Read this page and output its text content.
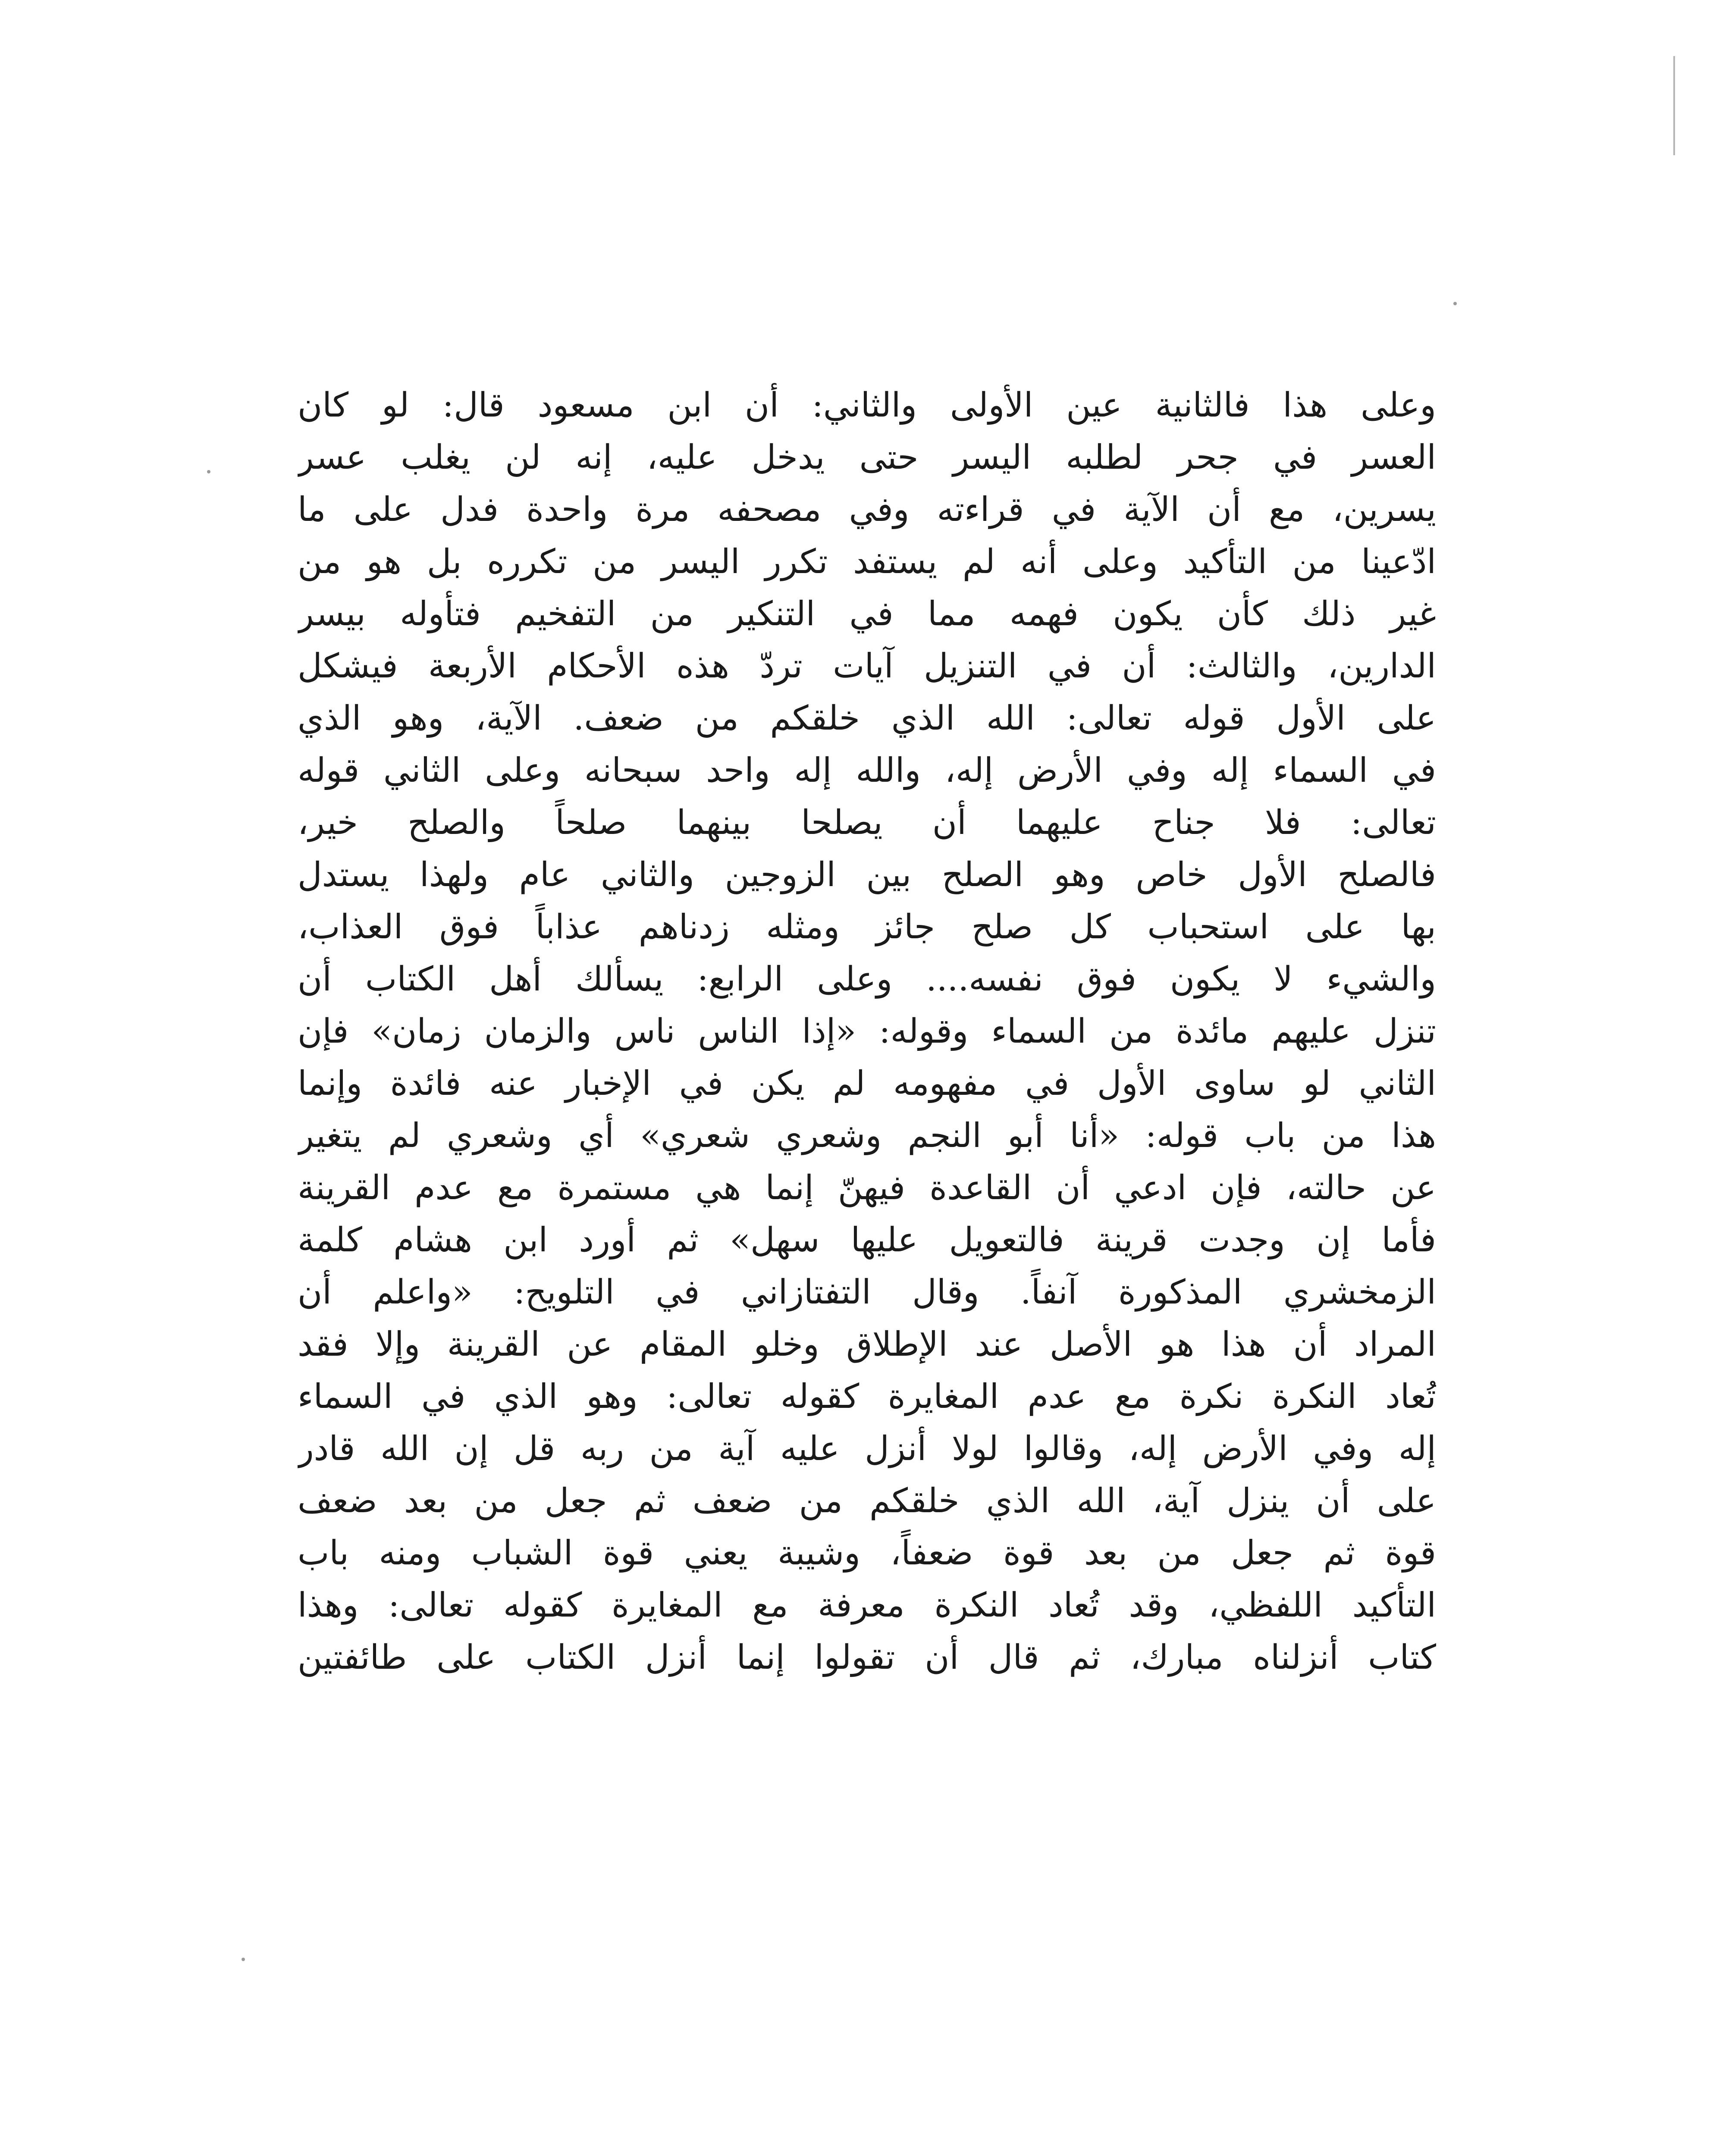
وعلى هذا فالثانية عين الأولى والثاني: أن ابن مسعود قال: لو كان
العسر في جحر لطلبه اليسر حتى يدخل عليه، إنه لن يغلب عسر
يسرين، مع أن الآية في قراءته وفي مصحفه مرة واحدة فدل على ما
ادّعينا من التأكيد وعلى أنه لم يستفد تكرر اليسر من تكرره بل هو من
غير ذلك كأن يكون فهمه مما في التنكير من التفخيم فتأوله بيسر
الدارين، والثالث: أن في التنزيل آيات تردّ هذه الأحكام الأربعة فيشكل
على الأول قوله تعالى: الله الذي خلقكم من ضعف. الآية، وهو الذي
في السماء إله وفي الأرض إله، والله إله واحد سبحانه وعلى الثاني قوله
تعالى: فلا جناح عليهما أن يصلحا بينهما صلحاً والصلح خير،
فالصلح الأول خاص وهو الصلح بين الزوجين والثاني عام ولهذا يستدل
بها على استحباب كل صلح جائز ومثله زدناهم عذاباً فوق العذاب،
والشيء لا يكون فوق نفسه.... وعلى الرابع: يسألك أهل الكتاب أن
تنزل عليهم مائدة من السماء وقوله: «إذا الناس ناس والزمان زمان» فإن
الثاني لو ساوى الأول في مفهومه لم يكن في الإخبار عنه فائدة وإنما
هذا من باب قوله: «أنا أبو النجم وشعري شعري» أي وشعري لم يتغير
عن حالته، فإن ادعي أن القاعدة فيهنّ إنما هي مستمرة مع عدم القرينة
فأما إن وجدت قرينة فالتعويل عليها سهل» ثم أورد ابن هشام كلمة
الزمخشري المذكورة آنفاً. وقال التفتازاني في التلويح: «واعلم أن
المراد أن هذا هو الأصل عند الإطلاق وخلو المقام عن القرينة وإلا فقد
تُعاد النكرة نكرة مع عدم المغايرة كقوله تعالى: وهو الذي في السماء
إله وفي الأرض إله، وقالوا لولا أنزل عليه آية من ربه قل إن الله قادر
على أن ينزل آية، الله الذي خلقكم من ضعف ثم جعل من بعد ضعف
قوة ثم جعل من بعد قوة ضعفاً، وشيبة يعني قوة الشباب ومنه باب
التأكيد اللفظي، وقد تُعاد النكرة معرفة مع المغايرة كقوله تعالى: وهذا
كتاب أنزلناه مبارك، ثم قال أن تقولوا إنما أنزل الكتاب على طائفتين
